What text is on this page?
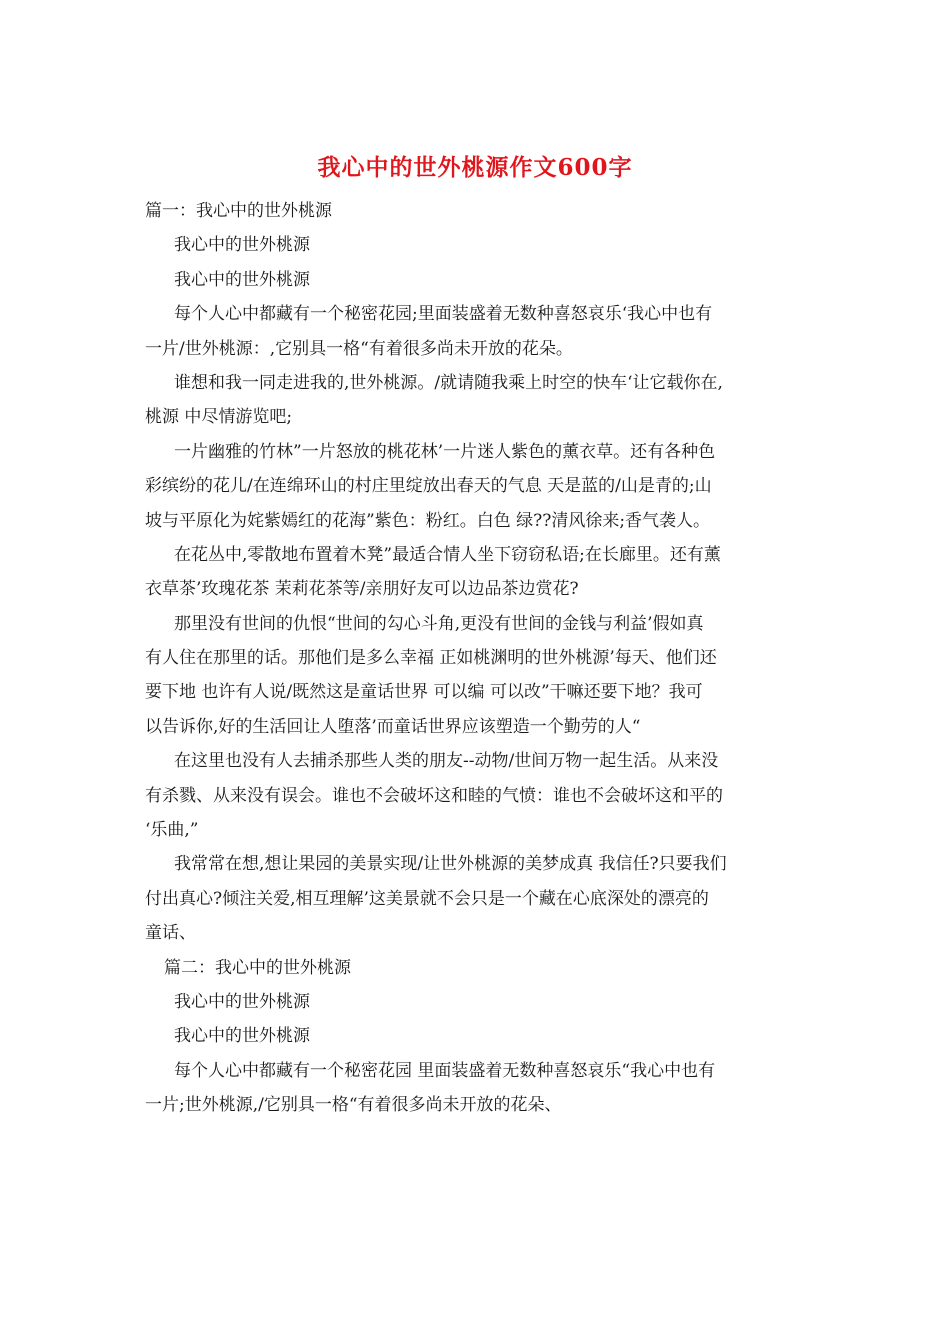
我心中的世外桃源作文600字

篇一：我心中的世外桃源

我心中的世外桃源

我心中的世外桃源

每个人心中都藏有一个秘密花园;里面装盛着无数种喜怒哀乐‘我心中也有

一片/世外桃源：,它别具一格“有着很多尚未开放的花朵。

谁想和我一同走进我的,世外桃源。/就请随我乘上时空的快车‘让它载你在,

桃源 中尽情游览吧;

一片幽雅的竹林”一片怒放的桃花林’一片迷人紫色的薰衣草。还有各种色

彩缤纷的花儿/在连绵环山的村庄里绽放出春天的气息 天是蓝的/山是青的;山

坡与平原化为姹紫嫣红的花海”紫色：粉红。白色 绿??清风徐来;香气袭人。

在花丛中,零散地布置着木凳”最适合情人坐下窃窃私语;在长廊里。还有薰

衣草茶’玫瑰花茶 茉莉花茶等/亲朋好友可以边品茶边赏花?

那里没有世间的仇恨“世间的勾心斗角,更没有世间的金钱与利益’假如真

有人住在那里的话。那他们是多么幸福 正如桃渊明的世外桃源’每天、他们还

要下地 也许有人说/既然这是童话世界 可以编 可以改”干嘛还要下地？我可

以告诉你,好的生活回让人堕落’而童话世界应该塑造一个勤劳的人“

在这里也没有人去捕杀那些人类的朋友--动物/世间万物一起生活。从来没

有杀戮、从来没有误会。谁也不会破坏这和睦的气愤：谁也不会破坏这和平的

‘乐曲,”

我常常在想,想让果园的美景实现/让世外桃源的美梦成真 我信任?只要我们

付出真心?倾注关爱,相互理解’这美景就不会只是一个藏在心底深处的漂亮的

童话、

篇二：我心中的世外桃源

我心中的世外桃源

我心中的世外桃源

每个人心中都藏有一个秘密花园 里面装盛着无数种喜怒哀乐“我心中也有

一片;世外桃源,/它别具一格“有着很多尚未开放的花朵、
